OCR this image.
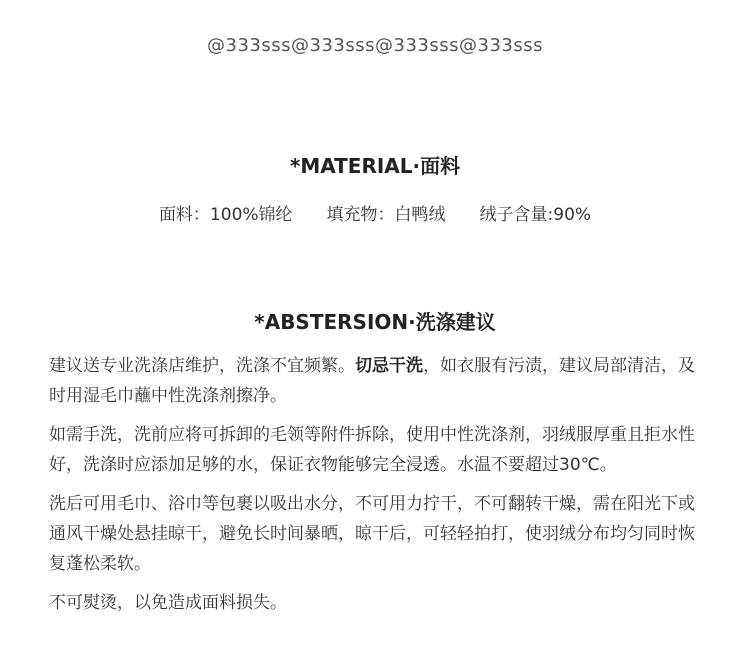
@333sss@333sss@333sss@333sss
*MATERIAL·面料
面料：100%锦纶 填充物：白鸭绒 绒子含量:90%
*ABSTERSION·洗涤建议

建议送专业洗涤店维护，洗涤不宜频繁。切忌干洗，如衣服有污渍，建议局部清洁，及时用湿毛巾蘸中性洗涤剂擦净。

如需手洗，洗前应将可拆卸的毛领等附件拆除，使用中性洗涤剂，羽绒服厚重且拒水性好，洗涤时应添加足够的水，保证衣物能够完全浸透。水温不要超过30℃。

洗后可用毛巾、浴巾等包裹以吸出水分，不可用力拧干，不可翻转干燥，需在阳光下或通风干燥处悬挂晾干，避免长时间暴晒，晾干后，可轻轻拍打，使羽绒分布均匀同时恢复蓬松柔软。

不可熨烫，以免造成面料损失。
